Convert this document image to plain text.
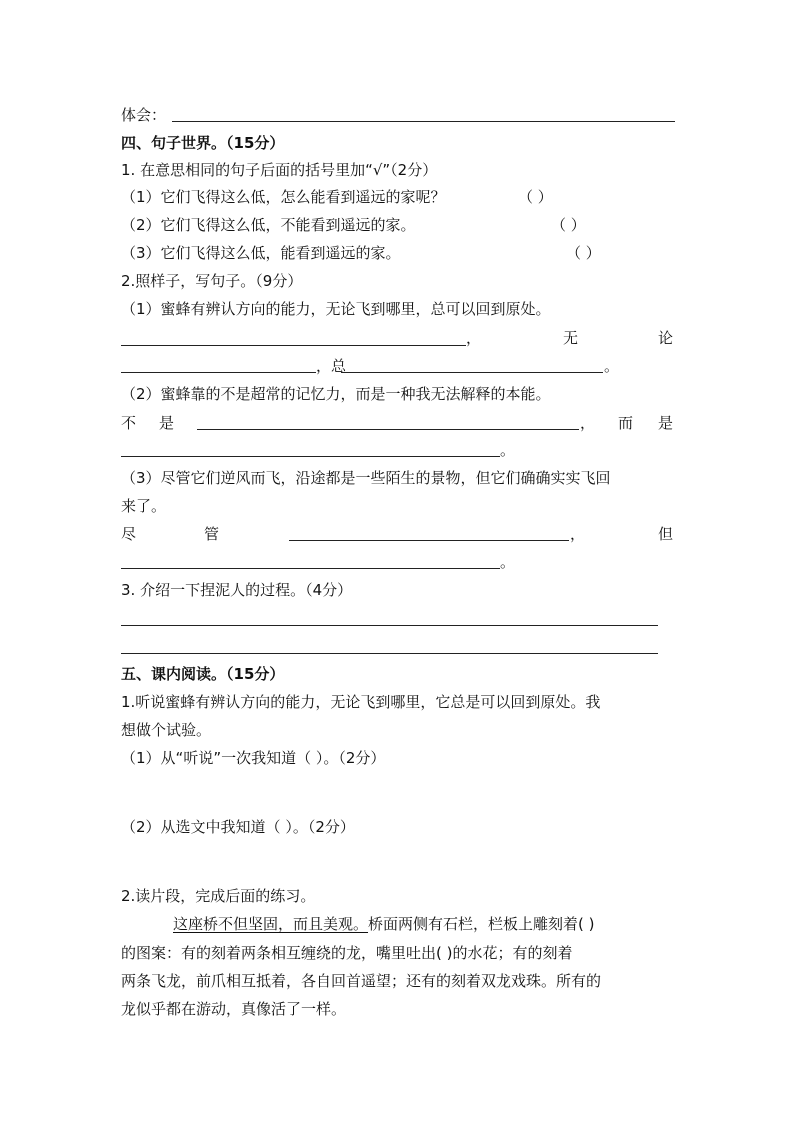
体会：
四、句子世界。（15分）
1. 在意思相同的句子后面的括号里加“√”（2分）
（1）它们飞得这么低，怎么能看到遥远的家呢？	（ ）
（2）它们飞得这么低，不能看到遥远的家。	（ ）
（3）它们飞得这么低，能看到遥远的家。	（ ）
2.照样子，写句子。（9分）
（1）蜜蜂有辨认方向的能力，无论飞到哪里，总可以回到原处。
，	无	论
，总	。
（2）蜜蜂靠的不是超常的记忆力，而是一种我无法解释的本能。
不 是	， 而 是
。
（3）尽管它们逆风而飞，沿途都是一些陌生的景物，但它们确确实实飞回
来了。
尽	管	，	但
。
3. 介绍一下捏泥人的过程。（4分）
五、课内阅读。（15分）
1.听说蜜蜂有辨认方向的能力，无论飞到哪里，它总是可以回到原处。我
想做个试验。
（1）从“听说”一次我知道（ ）。（2分）
（2）从选文中我知道（ ）。（2分）
2.读片段，完成后面的练习。
这座桥不但坚固，而且美观。桥面两侧有石栏，栏板上雕刻着( )
的图案：有的刻着两条相互缠绕的龙，嘴里吐出( )的水花；有的刻着
两条飞龙，前爪相互抵着，各自回首遥望；还有的刻着双龙戏珠。所有的
龙似乎都在游动，真像活了一样。
